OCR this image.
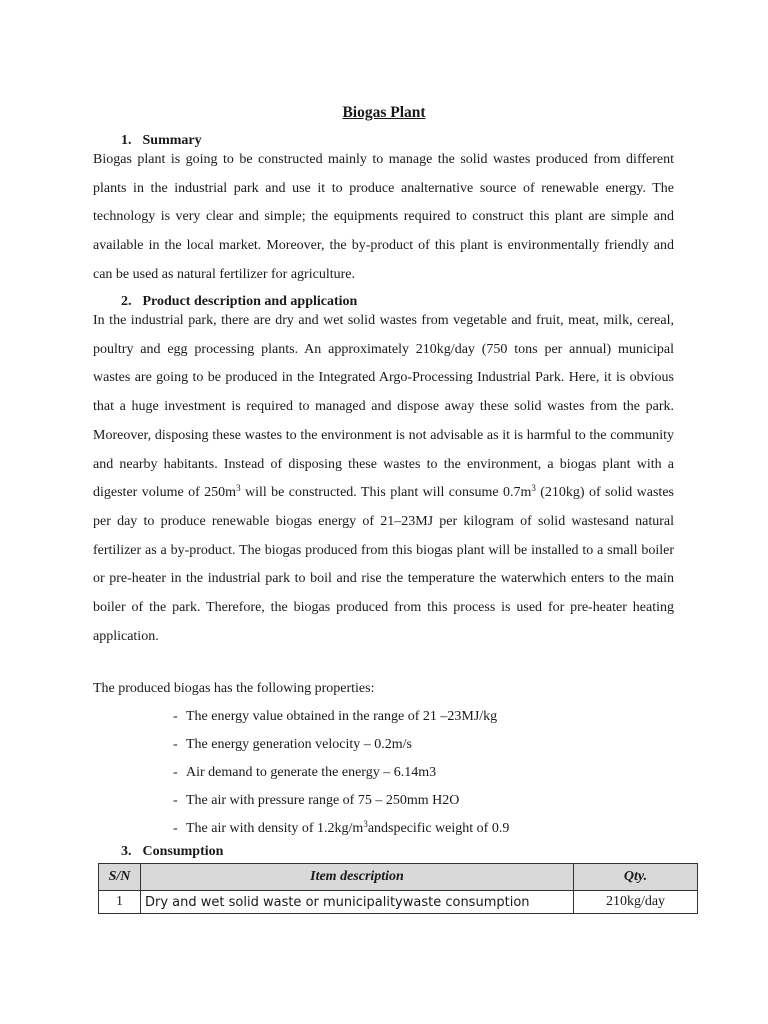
Biogas Plant
1. Summary
Biogas plant is going to be constructed mainly to manage the solid wastes produced from different plants in the industrial park and use it to produce analternative source of renewable energy. The technology is very clear and simple; the equipments required to construct this plant are simple and available in the local market. Moreover, the by-product of this plant is environmentally friendly and can be used as natural fertilizer for agriculture.
2. Product description and application
In the industrial park, there are dry and wet solid wastes from vegetable and fruit, meat, milk, cereal, poultry and egg processing plants. An approximately 210kg/day (750 tons per annual) municipal wastes are going to be produced in the Integrated Argo-Processing Industrial Park. Here, it is obvious that a huge investment is required to managed and dispose away these solid wastes from the park. Moreover, disposing these wastes to the environment is not advisable as it is harmful to the community and nearby habitants. Instead of disposing these wastes to the environment, a biogas plant with a digester volume of $250m^3$ will be constructed. This plant will consume $0.7m^3$ (210kg) of solid wastes per day to produce renewable biogas energy of 21–23MJ per kilogram of solid wastesand natural fertilizer as a by-product. The biogas produced from this biogas plant will be installed to a small boiler or pre-heater in the industrial park to boil and rise the temperature the waterwhich enters to the main boiler of the park. Therefore, the biogas produced from this process is used for pre-heater heating application.
The produced biogas has the following properties:
- The energy value obtained in the range of 21 –23MJ/kg
- The energy generation velocity – 0.2m/s
- Air demand to generate the energy – 6.14m3
- The air with pressure range of 75 – 250mm H2O
- The air with density of $1.2kg/m^3andspecific$ weight of 0.9
3. Consumption
S/N	Item description	Qty.
1	Dry and wet solid waste or municipalitywaste consumption	210kg/day
